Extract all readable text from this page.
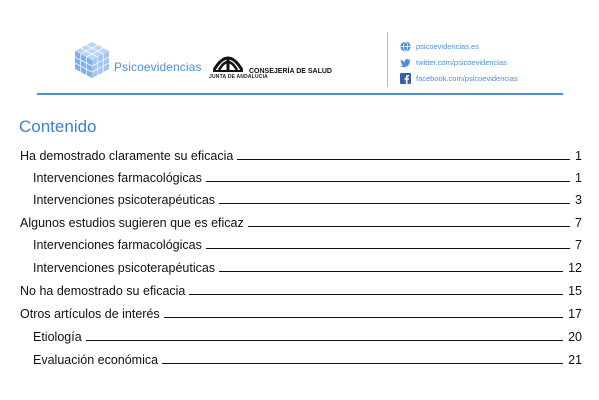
Psicoevidencias
JUNTA DE ANDALUCIA
CONSEJERÍA DE SALUD
psicoevidencias.es
twitter.com/psicoevidencias
facebook.com/psicoevidencias
Contenido
Ha demostrado claramente su eficacia	1
Intervenciones farmacológicas	1
Intervenciones psicoterapéuticas	3
Algunos estudios sugieren que es eficaz	7
Intervenciones farmacológicas	7
Intervenciones psicoterapéuticas	12
No ha demostrado su eficacia	15
Otros artículos de interés	17
Etiología	20
Evaluación económica	21
